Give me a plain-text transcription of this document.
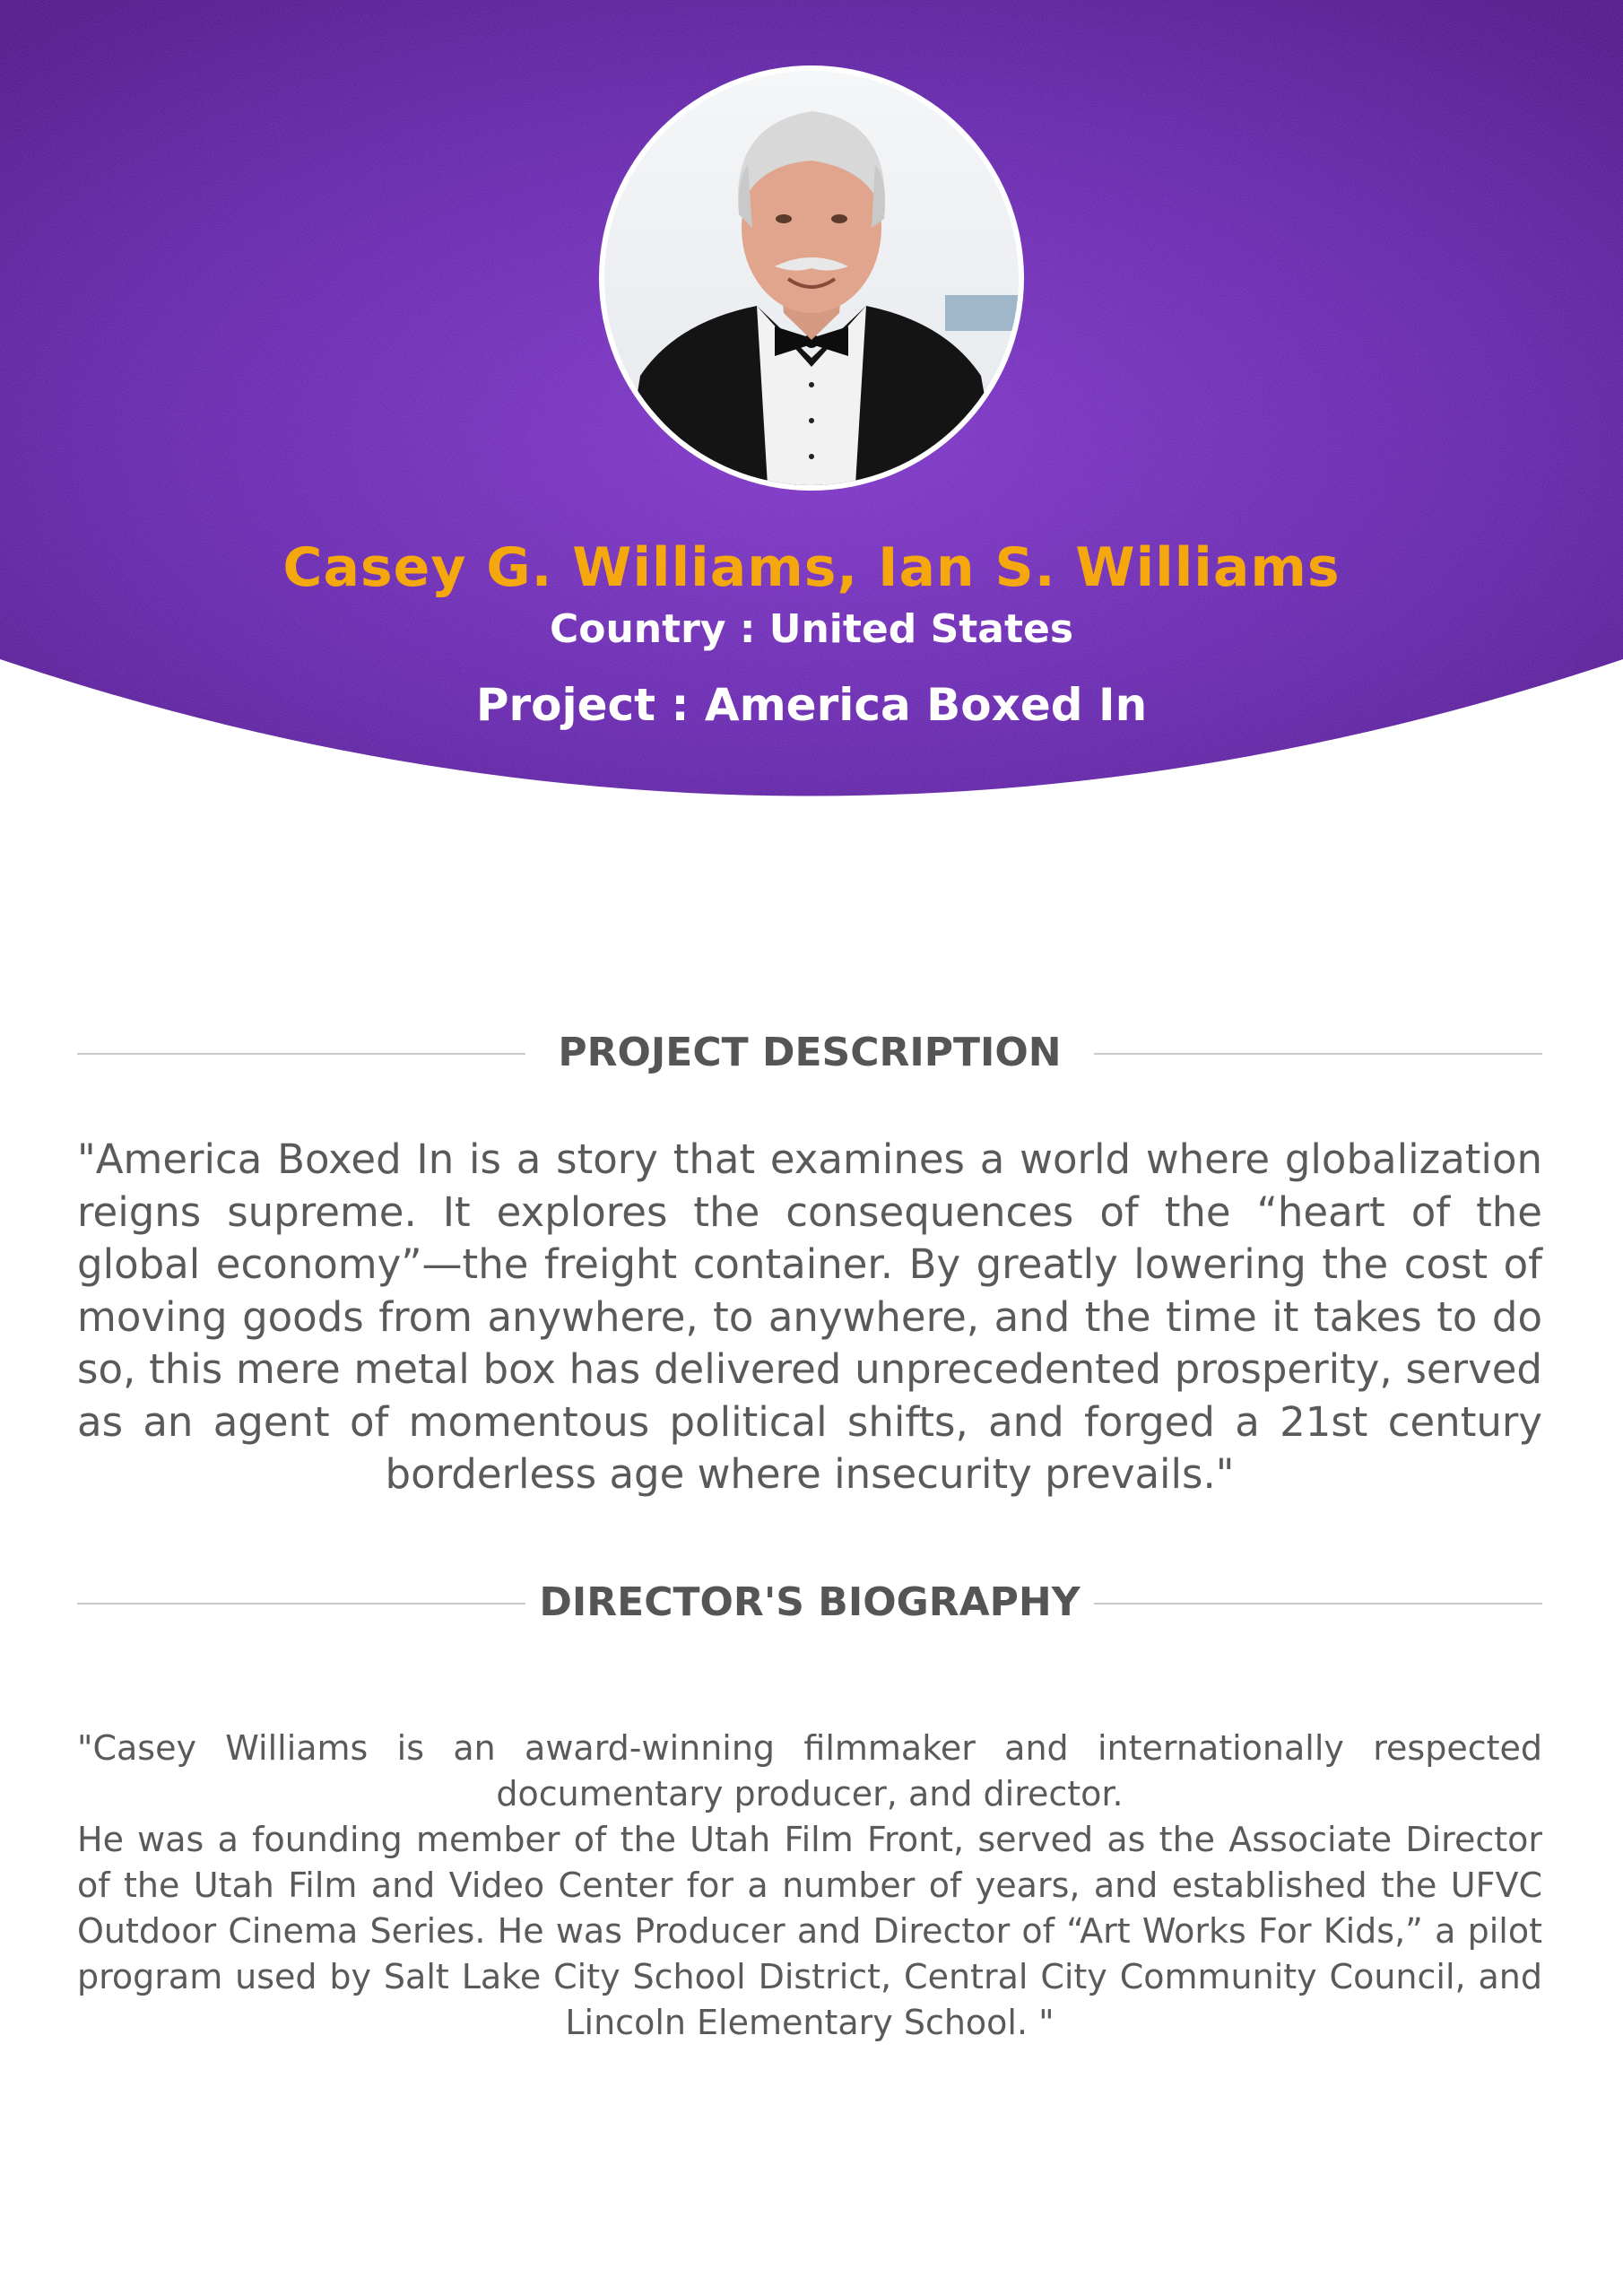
Casey G. Williams, Ian S. Williams

Country : United States

Project : America Boxed In

PROJECT DESCRIPTION

"America Boxed In is a story that examines a world where globalization reigns supreme. It explores the consequences of the “heart of the global economy”—the freight container. By greatly lowering the cost of moving goods from anywhere, to anywhere, and the time it takes to do so, this mere metal box has delivered unprecedented prosperity, served as an agent of momentous political shifts, and forged a 21st century borderless age where insecurity prevails."

DIRECTOR'S BIOGRAPHY

"Casey Williams is an award-winning filmmaker and internationally respected documentary producer, and director.

He was a founding member of the Utah Film Front, served as the Associate Director of the Utah Film and Video Center for a number of years, and established the UFVC Outdoor Cinema Series. He was Producer and Director of “Art Works For Kids,” a pilot program used by Salt Lake City School District, Central City Community Council, and Lincoln Elementary School. "
